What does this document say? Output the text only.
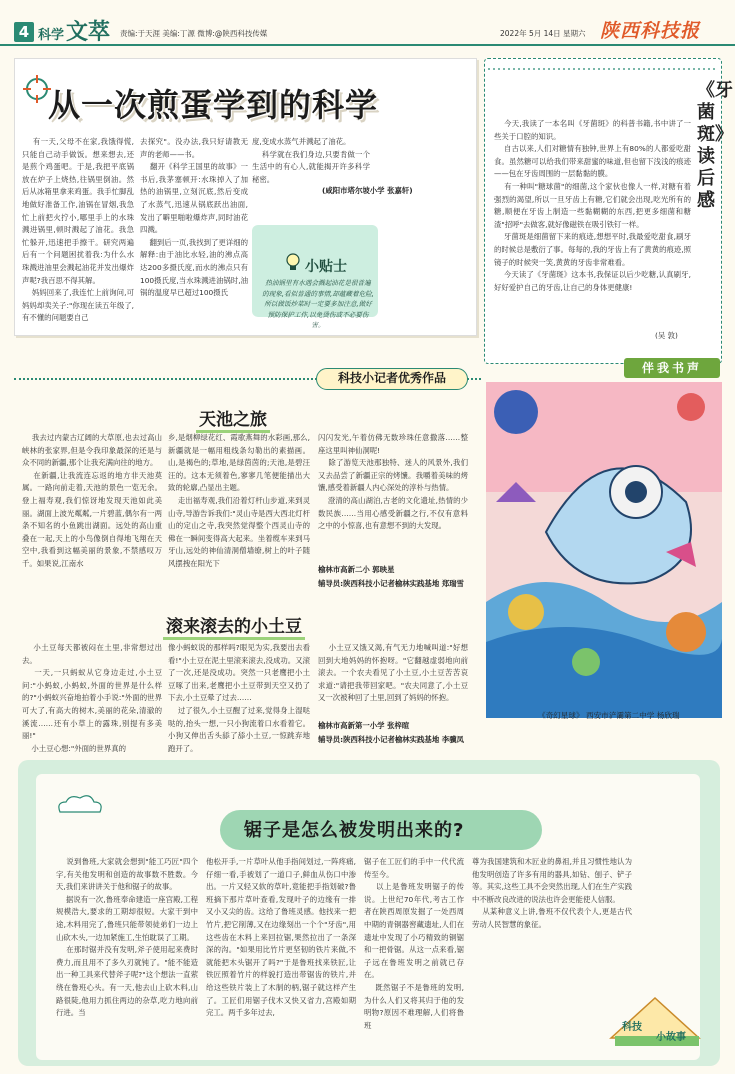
4 科学 文萃 责编:于天涯 美编:丁源 微博:@陕西科技传媒	2022年 5月 14日 星期六 陕西科技报
从一次煎蛋学到的科学
有一天,父母不在家,我饿得慌,只能自己动手做饭。想来想去,还是煎个鸡蛋吧。于是,我把平底锅放在炉子上烧热,往锅里倒油。然后从冰箱里拿来鸡蛋。我手忙脚乱地做好准备工作,油锅在冒烟,我急忙上前把火拧小,哪里手上的水珠溅进锅里,顿时溅起了油花。我急忙躲开,迅速把手擦干。研究两遍后有一个问题困扰着我:为什么水珠溅进油里会溅起油花并发出爆炸声呢?我百思不得其解。
妈妈回来了,我连忙上前询问,可妈妈却卖关子:"你现在读五年级了,有不懂的问题要自己
去探究"。没办法,我只好请教无声的老师——书。
翻开《科学王国里的故事》一书后,我茅塞顿开:水珠掉入了加热的油锅里,立刻沉底,然后变成了水蒸气,迅速从锅底跃出油面,发出了噼里啪啦爆炸声,同时油花四溅。
翻到后一页,我找到了更详细的解释:由于油比水轻,油的沸点高达200多摄氏度,而水的沸点只有100摄氏度,当水珠溅进油锅时,油锅的温度早已超过100摄氏
度,变成水蒸气并溅起了油花。
科学就在我们身边,只要肯做一个生活中的有心人,就能揭开许多科学秘密。
(咸阳市塔尔坡小学 张嘉轩)
小贴士
热油锅里有水遇会溅起油花是很普遍的现象,看似普通的事情,却蕴藏着危险,所以做饭炒菜时一定要多加注意,做好预防保护工作,以免烫伤或不必要伤害。
今天,我读了一本名叫《牙菌斑》的科普书籍,书中讲了一些关于口腔的知识。
自古以来,人们对糖情有独钟,世界上有80%的人都爱吃甜食。虽然糖可以给我们带来甜蜜的味道,但也留下浅浅的痕迹——包在牙齿周围的一层黏黏的膜。
有一种叫"糖球菌"的细菌,这个家伙也像人一样,对糖有着强烈的渴望,所以一旦牙齿上有糖,它们就会出现,吃光所有的糖,顺便在牙齿上制造一些黏糊糊的东西,把更多细菌和糖渣"招呼"去做客,就好像磁铁在吸引铁钉一样。
牙菌斑是细菌留下来的痕迹,想想平时,我最爱吃甜食,刷牙的时候总是敷衍了事。每每的,我的牙齿上有了黄黄的痕迹,照镜子的时候突一笑,黄黄的牙齿非常难看。
今天读了《牙菌斑》这本书,我保证以后少吃糖,认真刷牙,好好爱护自己的牙齿,让自己的身体更健康!
《牙菌斑》读后感
(吴 敦)
伴我书声
科技小记者优秀作品
天池之旅
我去过内蒙古辽阔的大草原,也去过高山峡林的张家界,但是令我印象最深的还是与众不同的新疆,那个让我充满向往的地方。
在新疆,让我流连忘返的地方非天池莫属。一路向前走着,天池的景色一览无余。登上福寿观,我们惊讶地发现天池如此美丽。湖面上波光粼粼,一片碧蓝,偶尔有一两条不知名的小鱼跳出湖面。远处的高山重叠在一起,天上的小鸟像倒自得地飞翔在天空中,我看到这幅美丽的景象,不禁感叹万千。如果说,江南水
乡,是烟柳绿花红、霞歌燕舞的水彩画,那么,新疆就是一幅用粗线条勾勒出的素描画。山,是褐色的;草地,是绿茵茵的;天池,是碧汪汪的。这本无须着色,寥寥几笔便能描出大致的轮廓,凸显出主题。
走出福寿观,我们沿着灯杆山步道,来到灵山寺,导游告诉我们:"灵山寺是西大西北灯杆山的定山之寺,我突然觉得整个西灵山寺的佛在一瞬间变得高大起来。坐着缆车来到马牙山,远处的神仙清洞僧墙缭,树上的叶子随风摆拽在阳光下
闪闪发光,午着仿佛无数珍珠任意撒落……整座这里叫神仙洞呢!
除了游览天池那独特、迷人的风景外,我们又去品尝了新疆正宗的烤馕。我嚼着美味的烤馕,感受着新疆人内心深处的淳朴与热情。
澄清的高山湖泊,古老的文化遗址,热情的少数民族……当用心感受新疆之行,不仅有意料之中的小惊喜,也有意想不到的大发现。
榆林市高新二小 郭映星
辅导员:陕西科技小记者榆林实践基地 郑瑞雪
滚来滚去的小土豆
小土豆每天都被闷在土里,非常想过出去。
一天,一只蚂蚁从它身边走过,小土豆问:"小蚂蚁,小蚂蚁,外面的世界是什么样的?"小蚂蚁兴奋地拍着小手说:"外面的世界可大了,有高大的树木,美丽的花朵,清澈的溪流……还有小草上的露珠,别提有多美丽!"
小土豆心想:"外面的世界真的
像小蚂蚁说的那样吗?眼见为实,我要出去看看!"小土豆在泥土里滚来滚去,没成功。又滚了一次,还是没成功。突然一只老鹰把小土豆啄了出来,老鹰把小土豆带到天空又扔了下去,小土豆晕了过去……
过了很久,小土豆醒了过来,觉得身上湿哒哒的,抬头一想,一只小狗流着口水看着它。小狗又伸出舌头舔了舔小土豆,一惊跳弃地跑开了。
小土豆又饿又渴,有气无力地喊叫道:"好想回到大地妈妈的怀抱呀。"它翻越虚弱地向前滚去。一个农夫看见了小土豆,小土豆苦苦哀求道:"请把我带回家吧。"农夫同意了,小土豆又一次被种回了土里,回到了妈妈的怀抱。
榆林市高新第一小学 张梓暄
辅导员:陕西科技小记者榆林实践基地 李骥凤
《奇幻星球》 西安市浐灞第二中学 杨欣瑞
锯子是怎么被发明出来的?
说到鲁班,大家就会想到"能工巧匠"四个字,有关他发明和创造的故事数不胜数。今天,我们来讲讲关于他和锯子的故事。
据说有一次,鲁班奉命建造一座宫殿,工程规模浩大,要求的工期却很短。大家干到中途,木料用完了,鲁班只能带领徒弟们一边上山砍木头,一边加紧施工,生怕耽误了工期。
在那时锯并没有发明,斧子使用起来费时费力,而且用不了多久刃就钝了。"能不能造出一种工具来代替斧子呢?"这个想法一直萦绕在鲁班心头。有一天,他去山上砍木料,山路很陡,他用力抓住两边的杂草,吃力地向前行进。当
他松开手,一片草叶从他手指间划过,一阵疼痛,仔细一看,手被划了一道口子,鲜血从伤口中渗出。一片又轻又软的草叶,竟能把手指划破?鲁班摘下那片草叶查看,发现叶子的边缘有一排又小又尖的齿。这给了鲁班灵感。他找来一把竹片,把它削薄,又在边缘刻出一个个"牙齿",用这些齿在木料上来回拉锯,果然拉出了一条深深的沟。"如果用比竹片更坚韧的铁片来做,不就能把木头锯开了吗?"于是鲁班找来铁匠,让铁匠照着竹片的样貌打造出带锯齿的铁片,并给这些铁片装上了木制的柄,锯子就这样产生了。工匠们用锯子伐木又快又省力,宫殿如期完工。两千多年过去,
锯子在工匠们的手中一代代流传至今。
以上是鲁班发明锯子的传说。上世纪70年代,考古工作者在陕西周原发掘了一处西周中期的青铜器窖藏遗址,人们在遗址中发现了小巧精致的铜锯和一把骨锯。从这一点来看,锯子远在鲁班发明之前就已存在。
既然锯子不是鲁班的发明,为什么人们又将其归于他的发明物?原因不难理解,人们将鲁班
尊为我国建筑和木匠业的鼻祖,并且习惯性地认为他发明创造了许多有用的器具,如钻、刨子、铲子等。其实,这些工具不会突然出现,人们在生产实践中不断改良改进的说法也许会更能使人信服。
从某种意义上讲,鲁班不仅代表个人,更是古代劳动人民智慧的象征。
科技
小故事
